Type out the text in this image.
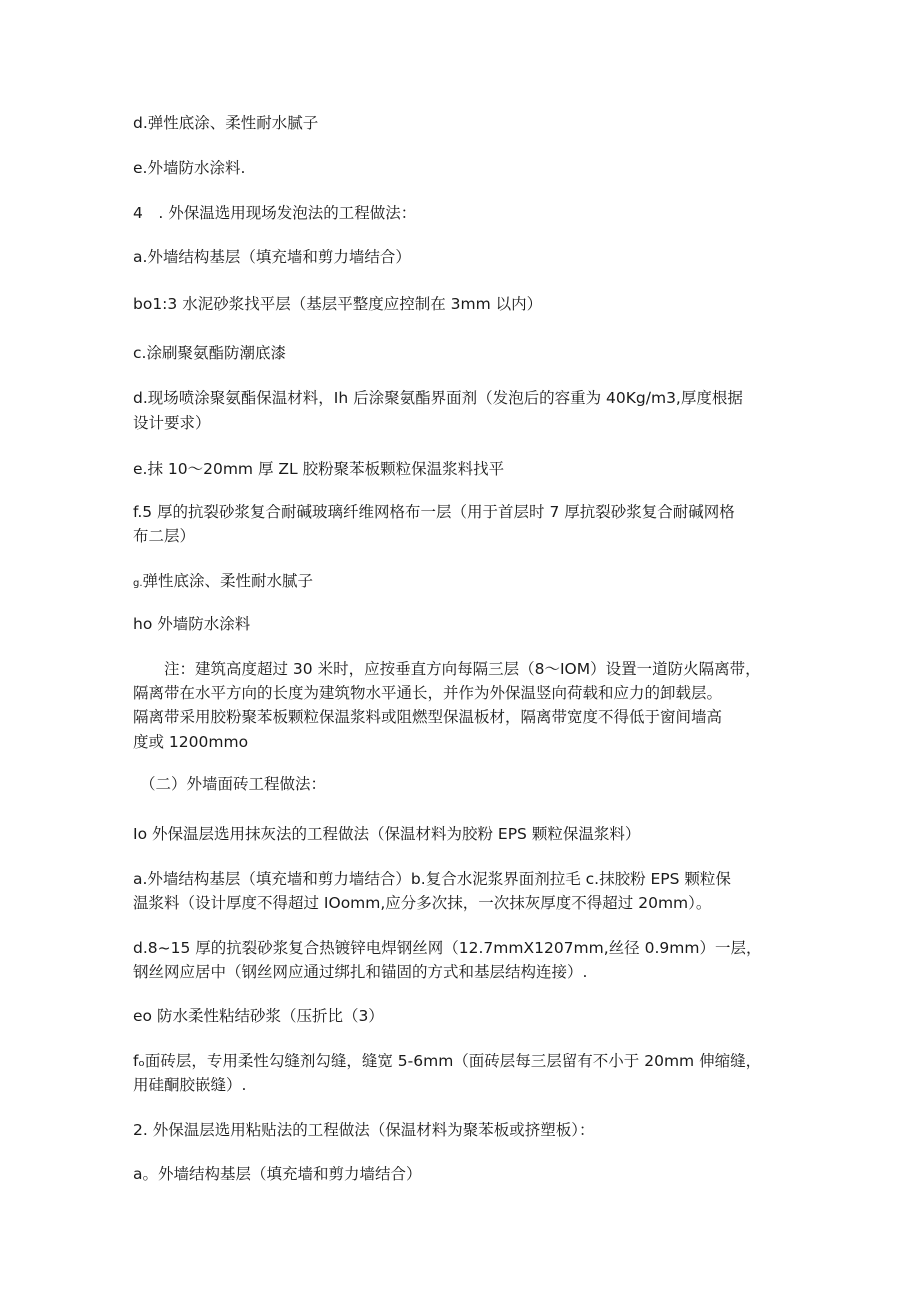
d.弹性底涂、柔性耐水腻子

e.外墙防水涂料.

4　. 外保温选用现场发泡法的工程做法：

a.外墙结构基层（填充墙和剪力墙结合）

bo1:3 水泥砂浆找平层（基层平整度应控制在 3mm 以内）

c.涂刷聚氨酯防潮底漆

d.现场喷涂聚氨酯保温材料，Ih 后涂聚氨酯界面剂（发泡后的容重为 40Kg∕m3,厚度根据

设计要求）

e.抹 10～20mm 厚 ZL 胶粉聚苯板颗粒保温浆料找平

f.5 厚的抗裂砂浆复合耐碱玻璃纤维网格布一层（用于首层时 7 厚抗裂砂浆复合耐碱网格

布二层）

g.弹性底涂、柔性耐水腻子

ho 外墙防水涂料

　　注：建筑高度超过 30 米时，应按垂直方向每隔三层（8～IOM）设置一道防火隔离带，

隔离带在水平方向的长度为建筑物水平通长，并作为外保温竖向荷载和应力的卸载层。

隔离带采用胶粉聚苯板颗粒保温浆料或阻燃型保温板材，隔离带宽度不得低于窗间墙高

度或 1200mmo

（二）外墙面砖工程做法：

Io 外保温层选用抹灰法的工程做法（保温材料为胶粉 EPS 颗粒保温浆料）

a.外墙结构基层（填充墙和剪力墙结合）b.复合水泥浆界面剂拉毛 c.抹胶粉 EPS 颗粒保

温浆料（设计厚度不得超过 IOomm,应分多次抹，一次抹灰厚度不得超过 20mm）。

d.8~15 厚的抗裂砂浆复合热镀锌电焊钢丝网（12.7mmX1207mm,丝径 0.9mm）一层，

钢丝网应居中（钢丝网应通过绑扎和锚固的方式和基层结构连接）.

eo 防水柔性粘结砂浆（压折比（3）

fₒ面砖层，专用柔性勾缝剂勾缝，缝宽 5-6mm（面砖层每三层留有不小于 20mm 伸缩缝，

用硅酮胶嵌缝）.

2. 外保温层选用粘贴法的工程做法（保温材料为聚苯板或挤塑板）：

a。外墙结构基层（填充墙和剪力墙结合）
